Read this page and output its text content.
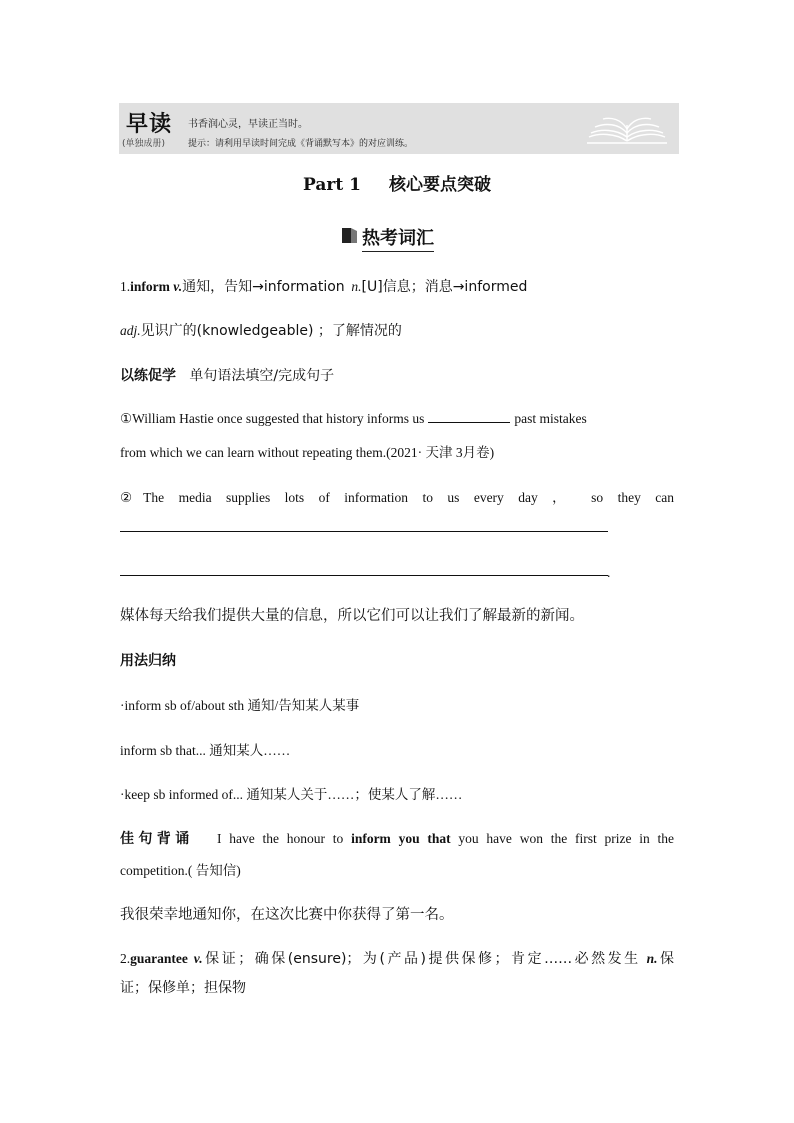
早读
(单独成册)
书香润心灵，早读正当时。
提示：请利用早读时间完成《背诵默写本》的对应训练。
Part 1 核心要点突破
热考词汇
1.inform v.通知，告知→information n.[U]信息；消息→informed
adj.见识广的(knowledgeable) ；了解情况的
以练促学 单句语法填空/完成句子
①William Hastie once suggested that history informs us	past mistakes
from which we can learn without repeating them.(2021· 天津 3月卷)
②The media supplies lots of information to us every day ， so they can
.
媒体每天给我们提供大量的信息，所以它们可以让我们了解最新的新闻。
用法归纳
·inform sb of/about sth 通知/告知某人某事
inform sb that... 通知某人……
·keep sb informed of... 通知某人关于……；使某人了解……
佳句背诵 I have the honour to inform you that you have won the first prize in the
competition.( 告知信)
我很荣幸地通知你，在这次比赛中你获得了第一名。
2.guarantee v.保证；确保(ensure)；为(产品)提供保修；肯定……必然发生 n.保
证；保修单；担保物
